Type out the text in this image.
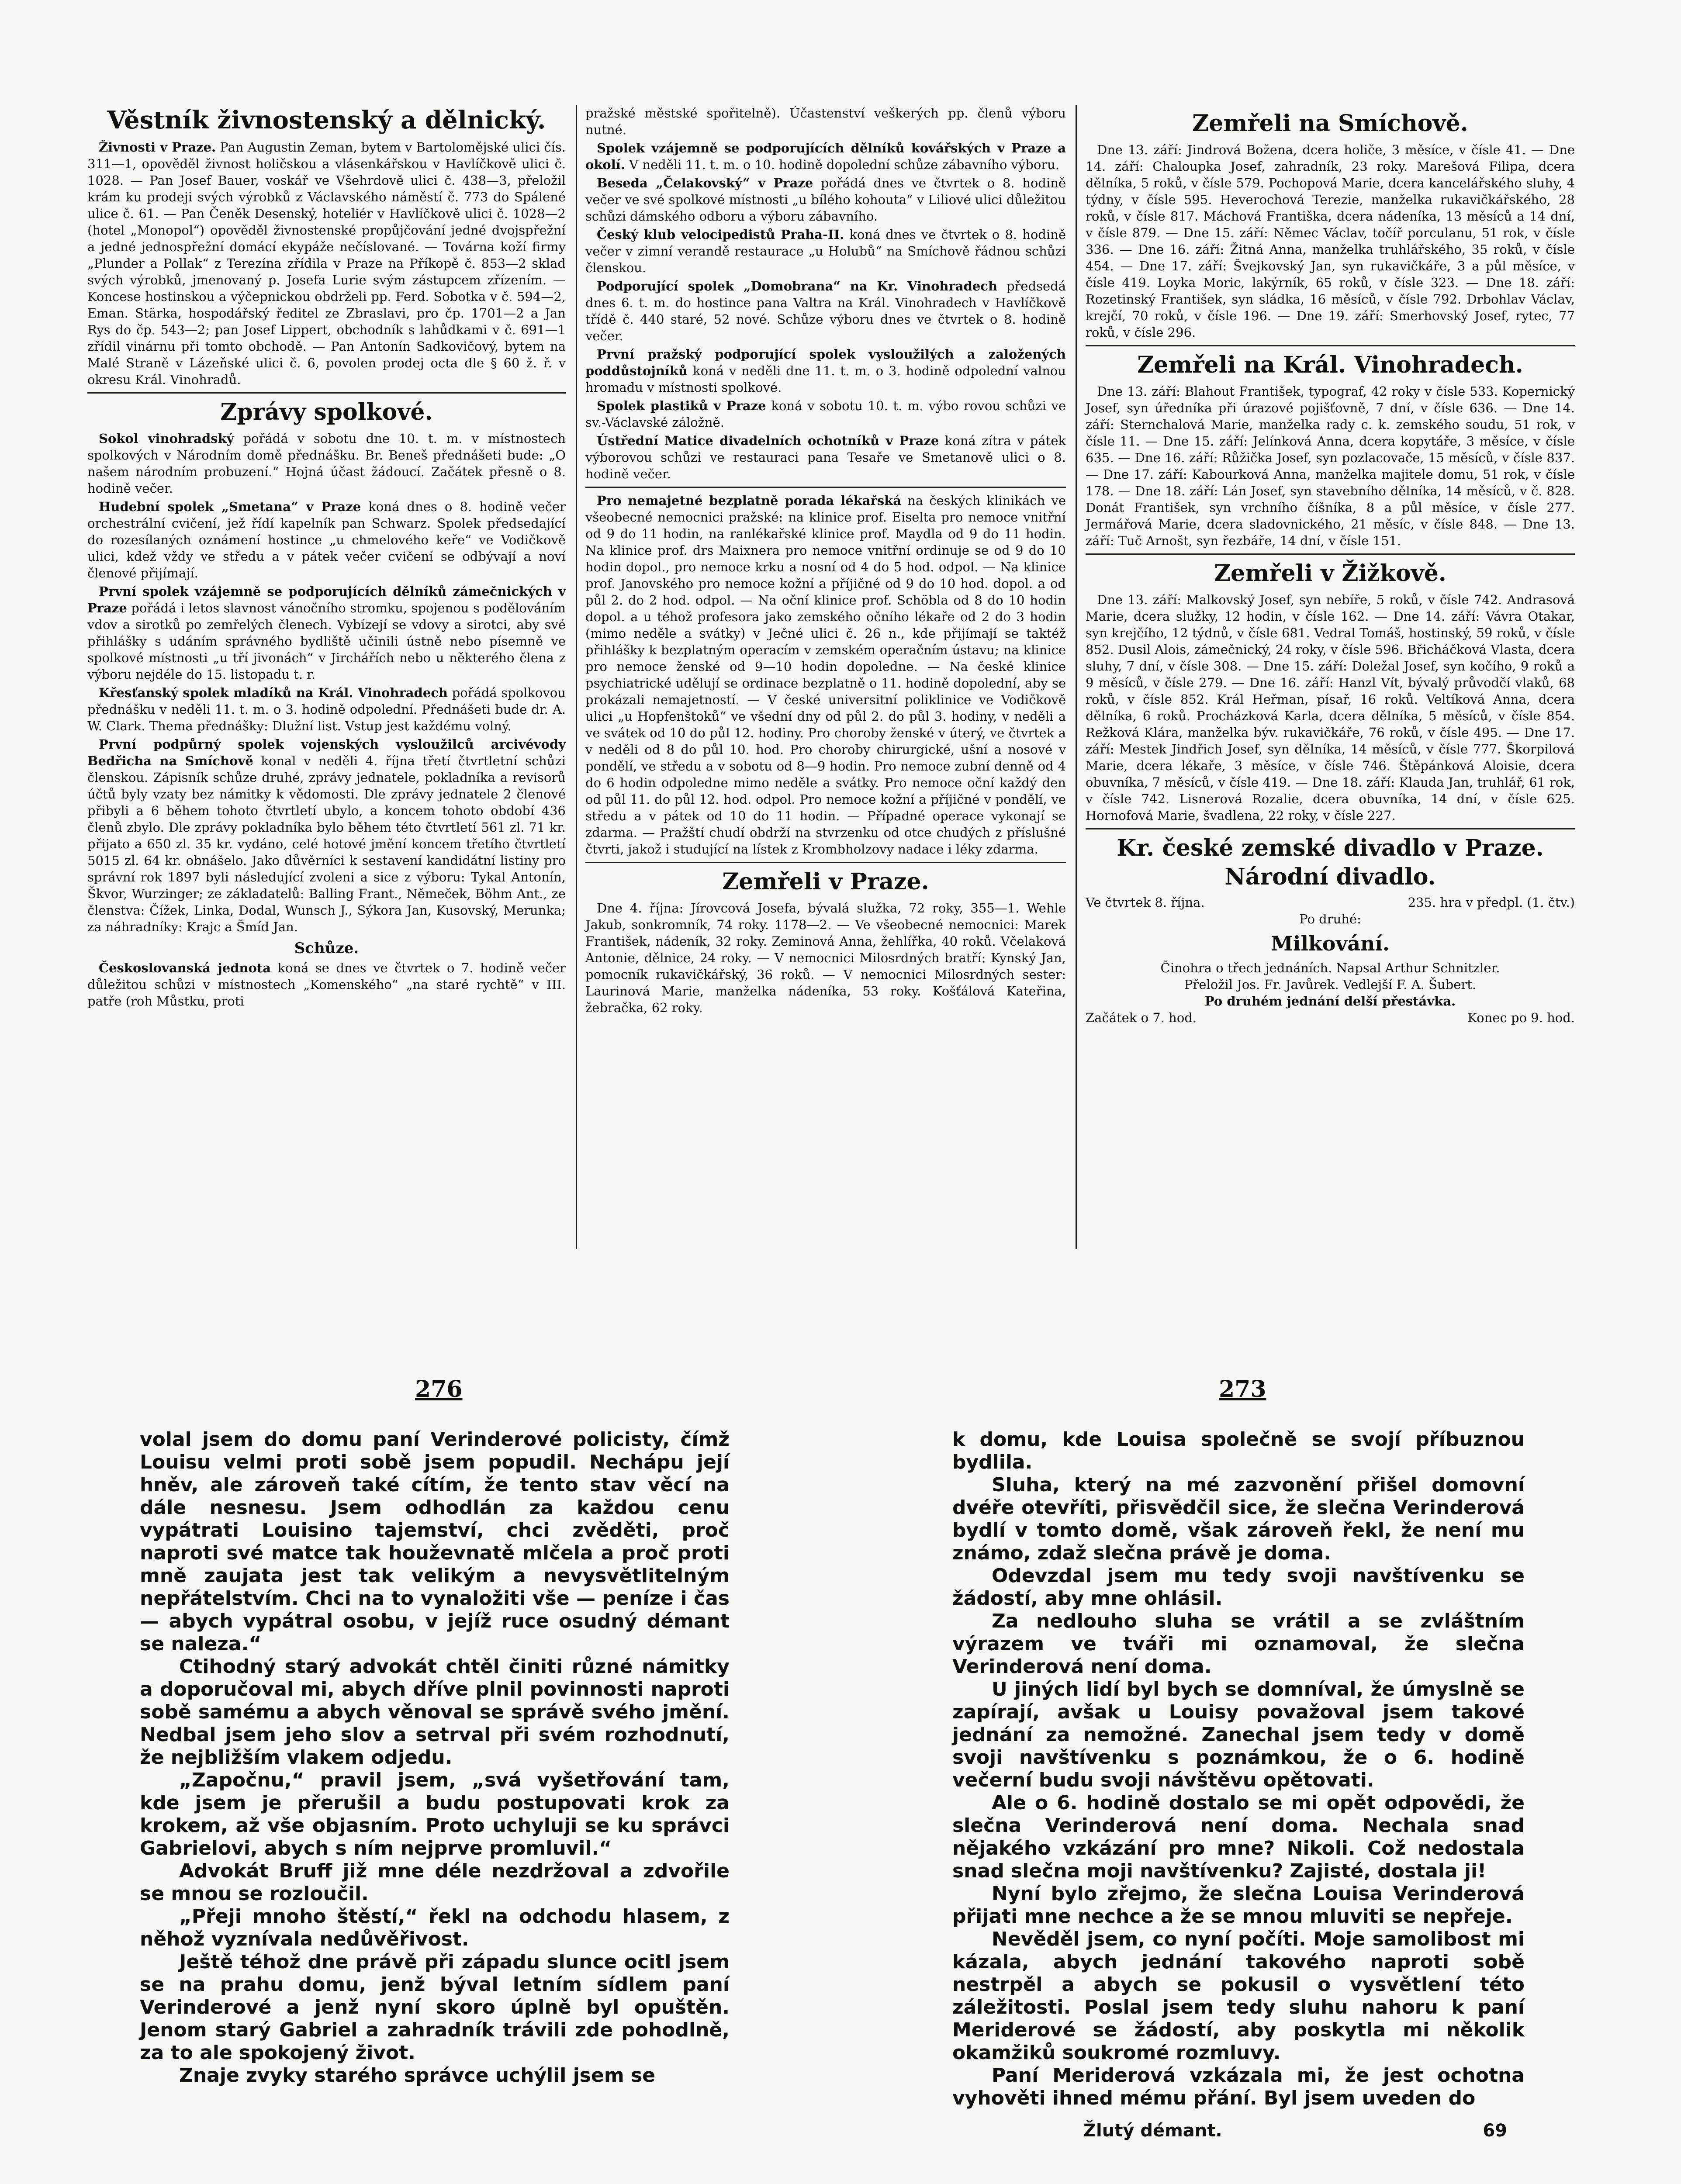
Věstník živnostenský a dělnický.

Živnosti v Praze. Pan Augustin Zeman, bytem v Bartolomějské ulici čís. 311—1, opověděl živnost holičskou a vlásenkářskou v Havlíčkově ulici č. 1028. — Pan Josef Bauer, voskář ve Všehrdově ulici č. 438—3, přeložil krám ku prodeji svých výrobků z Václavského náměstí č. 773 do Spálené ulice č. 61. — Pan Čeněk Desenský, hoteliér v Havlíčkově ulici č. 1028—2 (hotel „Monopol“) opověděl živnostenské propůjčování jedné dvojspřežní a jedné jednospřežní domácí ekypáže nečíslované. — Továrna koží firmy „Plunder a Pollak“ z Terezína zřídila v Praze na Příkopě č. 853—2 sklad svých výrobků, jmenovaný p. Josefa Lurie svým zástupcem zřízením. — Koncese hostinskou a výčepnickou obdrželi pp. Ferd. Sobotka v č. 594—2, Eman. Stärka, hospodářský ředitel ze Zbraslavi, pro čp. 1701—2 a Jan Rys do čp. 543—2; pan Josef Lippert, obchodník s lahůdkami v č. 691—1 zřídil vinárnu při tomto obchodě. — Pan Antonín Sadkovičový, bytem na Malé Straně v Lázeňské ulici č. 6, povolen prodej octa dle § 60 ž. ř. v okresu Král. Vinohradů.

Zprávy spolkové.

Sokol vinohradský pořádá v sobotu dne 10. t. m. v místnostech spolkových v Národním domě přednášku. Br. Beneš přednášeti bude: „O našem národním probuzení.“ Hojná účast žádoucí. Začátek přesně o 8. hodině večer.

Hudební spolek „Smetana“ v Praze koná dnes o 8. hodině večer orchestrální cvičení, jež řídí kapelník pan Schwarz. Spolek předsedající do rozesílaných oznámení hostince „u chmelového keře“ ve Vodičkově ulici, kdež vždy ve středu a v pátek večer cvičení se odbývají a noví členové přijímají.

První spolek vzájemně se podporujících dělníků zámečnických v Praze pořádá i letos slavnost vánočního stromku, spojenou s podělováním vdov a sirotků po zemřelých členech. Vybízejí se vdovy a sirotci, aby své přihlášky s udáním správného bydliště učinili ústně nebo písemně ve spolkové místnosti „u tří jivonách“ v Jirchářích nebo u některého člena z výboru nejdéle do 15. listopadu t. r.

Křesťanský spolek mladíků na Král. Vinohradech pořádá spolkovou přednášku v neděli 11. t. m. o 3. hodině odpolední. Přednášeti bude dr. A. W. Clark. Thema přednášky: Dlužní list. Vstup jest každému volný.

První podpůrný spolek vojenských vysloužilců arcivévody Bedřicha na Smíchově konal v neděli 4. října třetí čtvrtletní schůzi členskou. Zápisník schůze druhé, zprávy jednatele, pokladníka a revisorů účtů byly vzaty bez námitky k vědomosti. Dle zprávy jednatele 2 členové přibyli a 6 během tohoto čtvrtletí ubylo, a koncem tohoto období 436 členů zbylo. Dle zprávy pokladníka bylo během této čtvrtletí 561 zl. 71 kr. přijato a 650 zl. 35 kr. vydáno, celé hotové jmění koncem třetího čtvrtletí 5015 zl. 64 kr. obnášelo. Jako důvěrníci k sestavení kandidátní listiny pro správní rok 1897 byli následující zvoleni a sice z výboru: Tykal Antonín, Škvor, Wurzinger; ze základatelů: Balling Frant., Němeček, Böhm Ant., ze členstva: Čížek, Linka, Dodal, Wunsch J., Sýkora Jan, Kusovský, Merunka; za náhradníky: Krajc a Šmíd Jan.

Schůze.

Českoslovanská jednota koná se dnes ve čtvrtek o 7. hodině večer důležitou schůzi v místnostech „Komenského“ „na staré rychtě“ v III. patře (roh Můstku, proti

pražské městské spořitelně). Účastenství veškerých pp. členů výboru nutné.

Spolek vzájemně se podporujících dělníků kovářských v Praze a okolí. V neděli 11. t. m. o 10. hodině dopolední schůze zábavního výboru.

Beseda „Čelakovský“ v Praze pořádá dnes ve čtvrtek o 8. hodině večer ve své spolkové místnosti „u bílého kohouta“ v Liliové ulici důležitou schůzi dámského odboru a výboru zábavního.

Český klub velocipedistů Praha-II. koná dnes ve čtvrtek o 8. hodině večer v zimní verandě restaurace „u Holubů“ na Smíchově řádnou schůzi členskou.

Podporující spolek „Domobrana“ na Kr. Vinohradech předsedá dnes 6. t. m. do hostince pana Valtra na Král. Vinohradech v Havlíčkově třídě č. 440 staré, 52 nové. Schůze výboru dnes ve čtvrtek o 8. hodině večer.

První pražský podporující spolek vysloužilých a založených poddůstojníků koná v neděli dne 11. t. m. o 3. hodině odpolední valnou hromadu v místnosti spolkové.

Spolek plastiků v Praze koná v sobotu 10. t. m. výbo rovou schůzi ve sv.-Václavské záložně.

Ústřední Matice divadelních ochotníků v Praze koná zítra v pátek výborovou schůzi ve restauraci pana Tesaře ve Smetanově ulici o 8. hodině večer.

Pro nemajetné bezplatně porada lékařská na českých klinikách ve všeobecné nemocnici pražské: na klinice prof. Eiselta pro nemoce vnitřní od 9 do 11 hodin, na ranlékařské klinice prof. Maydla od 9 do 11 hodin. Na klinice prof. drs Maixnera pro nemoce vnitřní ordinuje se od 9 do 10 hodin dopol., pro nemoce krku a nosní od 4 do 5 hod. odpol. — Na klinice prof. Janovského pro nemoce kožní a příjičné od 9 do 10 hod. dopol. a od půl 2. do 2 hod. odpol. — Na oční klinice prof. Schöbla od 8 do 10 hodin dopol. a u téhož profesora jako zemského očního lékaře od 2 do 3 hodin (mimo neděle a svátky) v Ječné ulici č. 26 n., kde přijímají se taktéž přihlášky k bezplatným operacím v zemském operačním ústavu; na klinice pro nemoce ženské od 9—10 hodin dopoledne. — Na české klinice psychiatrické udělují se ordinace bezplatně o 11. hodině dopolední, aby se prokázali nemajetností. — V české universitní poliklinice ve Vodičkově ulici „u Hopfenštoků“ ve všední dny od půl 2. do půl 3. hodiny, v neděli a ve svátek od 10 do půl 12. hodiny. Pro choroby ženské v úterý, ve čtvrtek a v neděli od 8 do půl 10. hod. Pro choroby chirurgické, ušní a nosové v pondělí, ve středu a v sobotu od 8—9 hodin. Pro nemoce zubní denně od 4 do 6 hodin odpoledne mimo neděle a svátky. Pro nemoce oční každý den od půl 11. do půl 12. hod. odpol. Pro nemoce kožní a příjičné v pondělí, ve středu a v pátek od 10 do 11 hodin. — Případné operace vykonají se zdarma. — Pražští chudí obdrží na stvrzenku od otce chudých z příslušné čtvrti, jakož i studující na lístek z Krombholzovy nadace i léky zdarma.

Zemřeli v Praze.

Dne 4. října: Jírovcová Josefa, bývalá služka, 72 roky, 355—1. Wehle Jakub, sonkromník, 74 roky. 1178—2. — Ve všeobecné nemocnici: Marek František, nádeník, 32 roky. Zeminová Anna, žehlířka, 40 roků. Včelaková Antonie, dělnice, 24 roky. — V nemocnici Milosrdných bratří: Kynský Jan, pomocník rukavičkářský, 36 roků. — V nemocnici Milosrdných sester: Laurinová Marie, manželka nádeníka, 53 roky. Košťálová Kateřina, žebračka, 62 roky.

Zemřeli na Smíchově.

Dne 13. září: Jindrová Božena, dcera holiče, 3 měsíce, v čísle 41. — Dne 14. září: Chaloupka Josef, zahradník, 23 roky. Marešová Filipa, dcera dělníka, 5 roků, v čísle 579. Pochopová Marie, dcera kancelářského sluhy, 4 týdny, v čísle 595. Heverochová Terezie, manželka rukavičkářského, 28 roků, v čísle 817. Máchová Františka, dcera nádeníka, 13 měsíců a 14 dní, v čísle 879. — Dne 15. září: Němec Václav, točíř porculanu, 51 rok, v čísle 336. — Dne 16. září: Žitná Anna, manželka truhlářského, 35 roků, v čísle 454. — Dne 17. září: Švejkovský Jan, syn rukavičkáře, 3 a půl měsíce, v čísle 419. Loyka Moric, lakýrník, 65 roků, v čísle 323. — Dne 18. září: Rozetinský František, syn sládka, 16 měsíců, v čísle 792. Drbohlav Václav, krejčí, 70 roků, v čísle 196. — Dne 19. září: Smerhovský Josef, rytec, 77 roků, v čísle 296.

Zemřeli na Král. Vinohradech.

Dne 13. září: Blahout František, typograf, 42 roky v čísle 533. Kopernický Josef, syn úředníka při úrazové pojišťovně, 7 dní, v čísle 636. — Dne 14. září: Sternchalová Marie, manželka rady c. k. zemského soudu, 51 rok, v čísle 11. — Dne 15. září: Jelínková Anna, dcera kopytáře, 3 měsíce, v čísle 635. — Dne 16. září: Růžička Josef, syn pozlacovače, 15 měsíců, v čísle 837. — Dne 17. září: Kabourková Anna, manželka majitele domu, 51 rok, v čísle 178. — Dne 18. září: Lán Josef, syn stavebního dělníka, 14 měsíců, v č. 828. Donát František, syn vrchního číšníka, 8 a půl měsíce, v čísle 277. Jermářová Marie, dcera sladovnického, 21 měsíc, v čísle 848. — Dne 13. září: Tuč Arnošt, syn řezbáře, 14 dní, v čísle 151.

Zemřeli v Žižkově.

Dne 13. září: Malkovský Josef, syn nebíře, 5 roků, v čísle 742. Andrasová Marie, dcera služky, 12 hodin, v čísle 162. — Dne 14. září: Vávra Otakar, syn krejčího, 12 týdnů, v čísle 681. Vedral Tomáš, hostinský, 59 roků, v čísle 852. Dusil Alois, zámečnický, 24 roky, v čísle 596. Břicháčková Vlasta, dcera sluhy, 7 dní, v čísle 308. — Dne 15. září: Doležal Josef, syn kočího, 9 roků a 9 měsíců, v čísle 279. — Dne 16. září: Hanzl Vít, bývalý průvodčí vlaků, 68 roků, v čísle 852. Král Heřman, písař, 16 roků. Veltíková Anna, dcera dělníka, 6 roků. Procházková Karla, dcera dělníka, 5 měsíců, v čísle 854. Režková Klára, manželka býv. rukavičkáře, 76 roků, v čísle 495. — Dne 17. září: Mestek Jindřich Josef, syn dělníka, 14 měsíců, v čísle 777. Škorpilová Marie, dcera lékaře, 3 měsíce, v čísle 746. Štěpánková Aloisie, dcera obuvníka, 7 měsíců, v čísle 419. — Dne 18. září: Klauda Jan, truhlář, 61 rok, v čísle 742. Lisnerová Rozalie, dcera obuvníka, 14 dní, v čísle 625. Hornofová Marie, švadlena, 22 roky, v čísle 227.

Kr. české zemské divadlo v Praze.
Národní divadlo.
Ve čtvrtek 8. října.	235. hra v předpl. (1. čtv.)
Po druhé:
Milkování.
Činohra o třech jednáních. Napsal Arthur Schnitzler.
Přeložil Jos. Fr. Javůrek. Vedlejší F. A. Šubert.
Po druhém jednání delší přestávka.
Začátek o 7. hod.	Konec po 9. hod.
276	273

volal jsem do domu paní Verinderové policisty, čímž Louisu velmi proti sobě jsem popudil. Nechápu její hněv, ale zároveň také cítím, že tento stav věcí na dále nesnesu. Jsem odhodlán za každou cenu vypátrati Louisino tajemství, chci zvěděti, proč naproti své matce tak houževnatě mlčela a proč proti mně zaujata jest tak velikým a nevysvětlitelným nepřátelstvím. Chci na to vynaložiti vše — peníze i čas — abych vypátral osobu, v jejíž ruce osudný démant se naleza.“

Ctihodný starý advokát chtěl činiti různé námitky a doporučoval mi, abych dříve plnil povinnosti naproti sobě samému a abych věnoval se správě svého jmění. Nedbal jsem jeho slov a setrval při svém rozhodnutí, že nejbližším vlakem odjedu.

„Započnu,“ pravil jsem, „svá vyšetřování tam, kde jsem je přerušil a budu postupovati krok za krokem, až vše objasním. Proto uchyluji se ku správci Gabrielovi, abych s ním nejprve promluvil.“

Advokát Bruff již mne déle nezdržoval a zdvořile se mnou se rozloučil.

„Přeji mnoho štěstí,“ řekl na odchodu hlasem, z něhož vyznívala nedůvěřivost.

Ještě téhož dne právě při západu slunce ocitl jsem se na prahu domu, jenž býval letním sídlem paní Verinderové a jenž nyní skoro úplně byl opuštěn. Jenom starý Gabriel a zahradník trávili zde pohodlně, za to ale spokojený život.

Znaje zvyky starého správce uchýlil jsem se

k domu, kde Louisa společně se svojí příbuznou bydlila.

Sluha, který na mé zazvonění přišel domovní dvéře otevříti, přisvědčil sice, že slečna Verinderová bydlí v tomto domě, však zároveň řekl, že není mu známo, zdaž slečna právě je doma.

Odevzdal jsem mu tedy svoji navštívenku se žádostí, aby mne ohlásil.

Za nedlouho sluha se vrátil a se zvláštním výrazem ve tváři mi oznamoval, že slečna Verinderová není doma.

U jiných lidí byl bych se domníval, že úmyslně se zapírají, avšak u Louisy považoval jsem takové jednání za nemožné. Zanechal jsem tedy v domě svoji navštívenku s poznámkou, že o 6. hodině večerní budu svoji návštěvu opětovati.

Ale o 6. hodině dostalo se mi opět odpovědi, že slečna Verinderová není doma. Nechala snad nějakého vzkázání pro mne? Nikoli. Což nedostala snad slečna moji navštívenku? Zajisté, dostala ji!

Nyní bylo zřejmo, že slečna Louisa Verinderová přijati mne nechce a že se mnou mluviti se nepřeje.

Nevěděl jsem, co nyní počíti. Moje samolibost mi kázala, abych jednání takového naproti sobě nestrpěl a abych se pokusil o vysvětlení této záležitosti. Poslal jsem tedy sluhu nahoru k paní Meriderové se žádostí, aby poskytla mi několik okamžiků soukromé rozmluvy.

Paní Meriderová vzkázala mi, že jest ochotna vyhověti ihned mému přání. Byl jsem uveden do

Žlutý démant.	69
